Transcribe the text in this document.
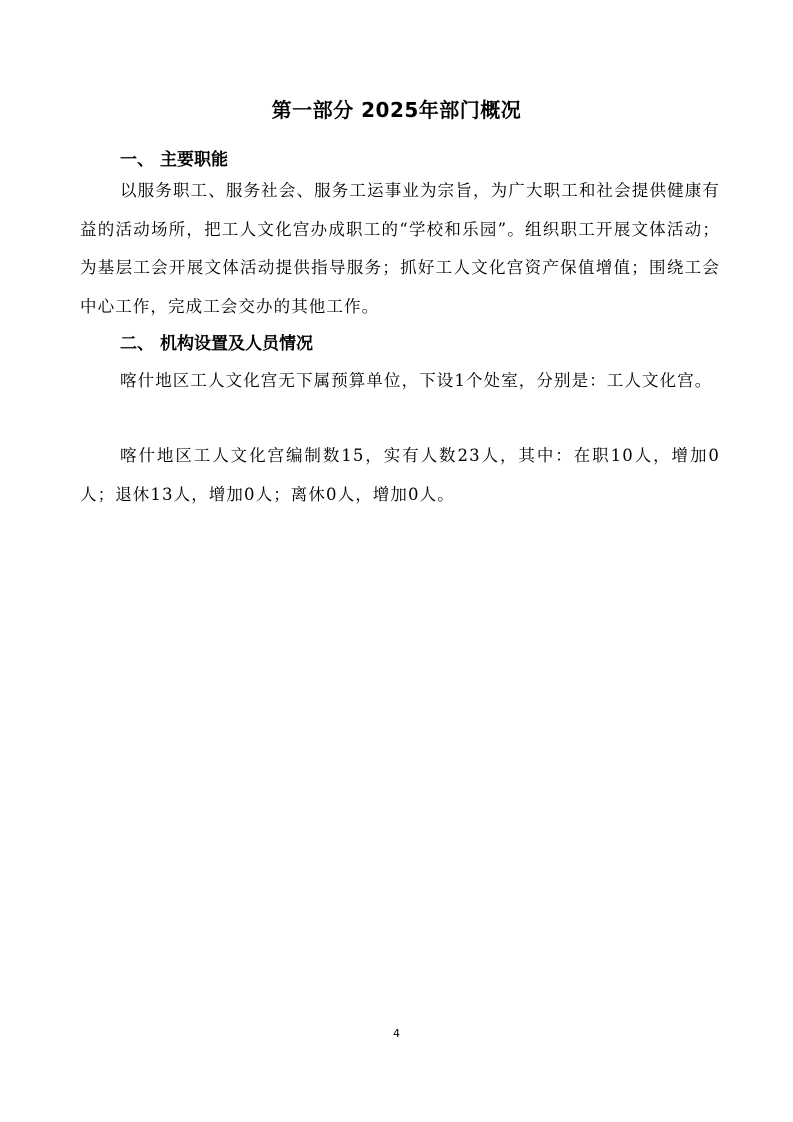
第一部分 2025年部门概况
一、 主要职能

以服务职工、服务社会、服务工运事业为宗旨，为广大职工和社会提供健康有益的活动场所，把工人文化宫办成职工的“学校和乐园”。组织职工开展文体活动；为基层工会开展文体活动提供指导服务；抓好工人文化宫资产保值增值；围绕工会中心工作，完成工会交办的其他工作。

二、 机构设置及人员情况

喀什地区工人文化宫无下属预算单位，下设1个处室，分别是：工人文化宫。

喀什地区工人文化宫编制数15，实有人数23人，其中：在职10人，增加0人；退休13人，增加0人；离休0人，增加0人。

4
